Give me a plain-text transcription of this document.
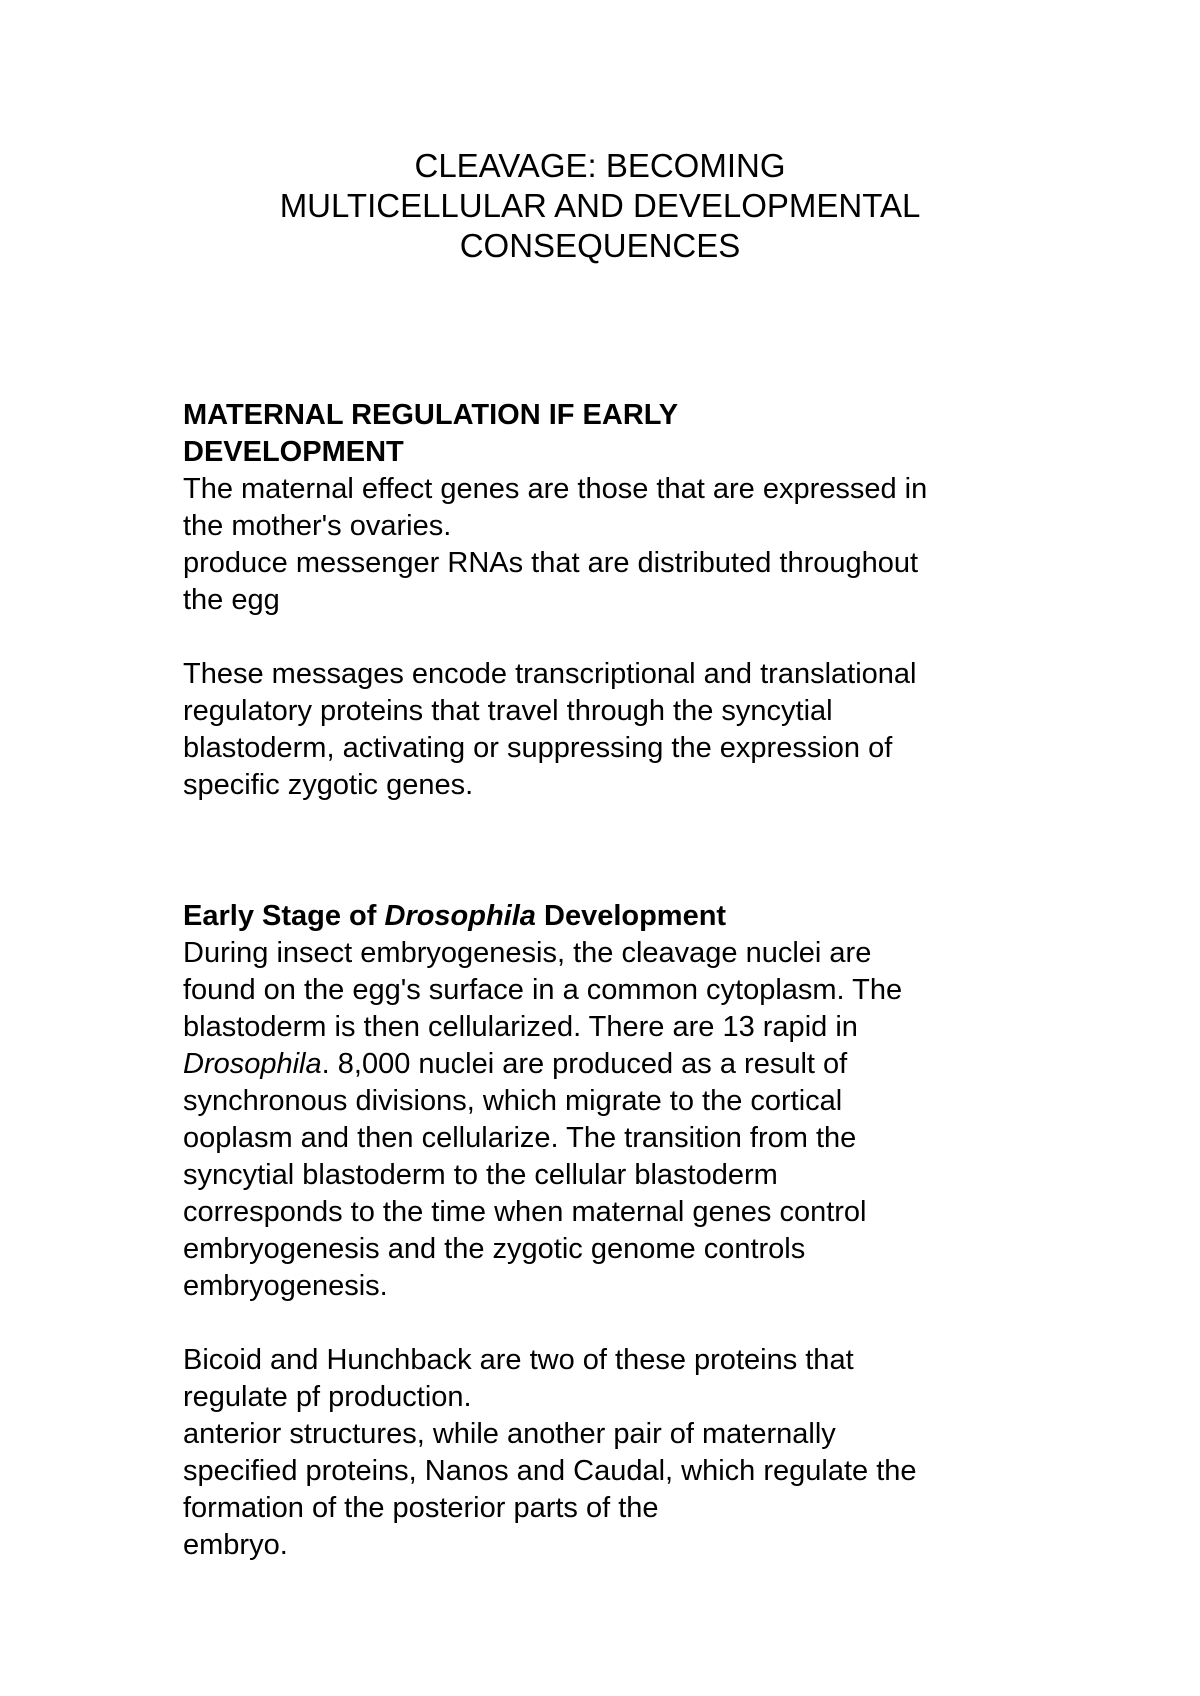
CLEAVAGE: BECOMING
MULTICELLULAR AND DEVELOPMENTAL
CONSEQUENCES

MATERNAL REGULATION IF EARLY

DEVELOPMENT

The maternal effect genes are those that are expressed in

the mother's ovaries.

produce messenger RNAs that are distributed throughout

the egg

These messages encode transcriptional and translational

regulatory proteins that travel through the syncytial

blastoderm, activating or suppressing the expression of

specific zygotic genes.

Early Stage of Drosophila Development

During insect embryogenesis, the cleavage nuclei are

found on the egg's surface in a common cytoplasm. The

blastoderm is then cellularized. There are 13 rapid in

Drosophila. 8,000 nuclei are produced as a result of

synchronous divisions, which migrate to the cortical

ooplasm and then cellularize. The transition from the

syncytial blastoderm to the cellular blastoderm

corresponds to the time when maternal genes control

embryogenesis and the zygotic genome controls

embryogenesis.

Bicoid and Hunchback are two of these proteins that

regulate pf production.

anterior structures, while another pair of maternally

specified proteins, Nanos and Caudal, which regulate the

formation of the posterior parts of the

embryo.
